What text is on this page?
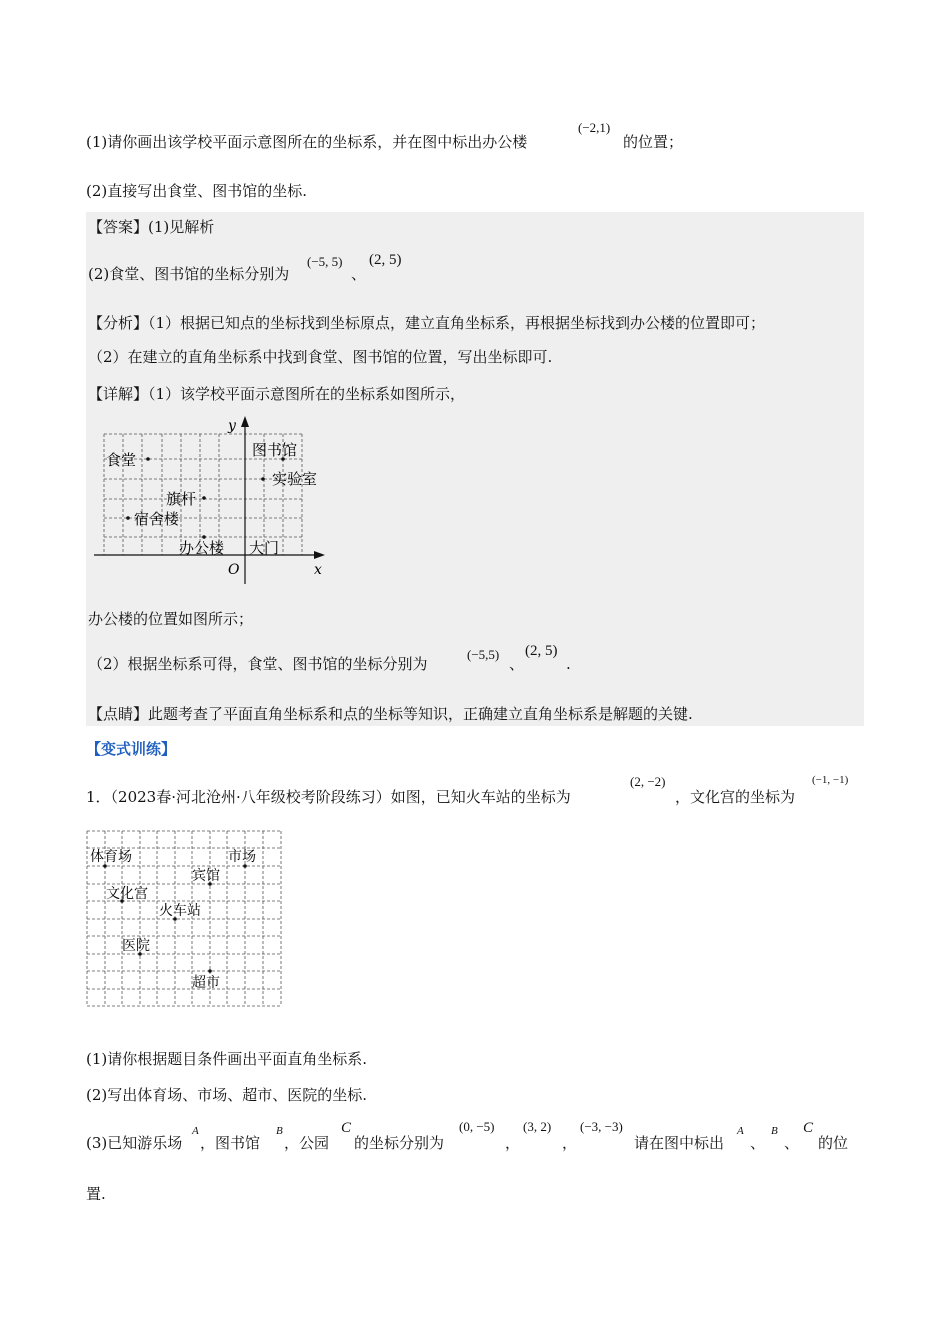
(1)请你画出该学校平面示意图所在的坐标系，并在图中标出办公楼
(−2,1)
的位置；
(2)直接写出食堂、图书馆的坐标.
【答案】(1)见解析
(2)食堂、图书馆的坐标分别为
(−5, 5)
、
(2, 5)
【分析】（1）根据已知点的坐标找到坐标原点，建立直角坐标系，再根据坐标找到办公楼的位置即可；
（2）在建立的直角坐标系中找到食堂、图书馆的位置，写出坐标即可.
【详解】（1）该学校平面示意图所在的坐标系如图所示，
x
y
O
食堂
图书馆
实验室
旗杆
宿舍楼
办公楼 大门
办公楼的位置如图所示；
（2）根据坐标系可得，食堂、图书馆的坐标分别为
(−5,5)
、
(2, 5)
.
【点睛】此题考查了平面直角坐标系和点的坐标等知识，正确建立直角坐标系是解题的关键.
【变式训练】
1．（2023春·河北沧州·八年级校考阶段练习）如图，已知火车站的坐标为
(2, −2)
，文化宫的坐标为
(−1, −1)
体育场	市场
宾馆
文化宫
火车站
医院
超市
(1)请你根据题目条件画出平面直角坐标系.
(2)写出体育场、市场、超市、医院的坐标.
(3)已知游乐场
A
，图书馆
B
，公园
C
的坐标分别为
(0, −5)
，
(3, 2)
，
(−3, −3)
请在图中标出
A
、
B
、
C
的位
置.
